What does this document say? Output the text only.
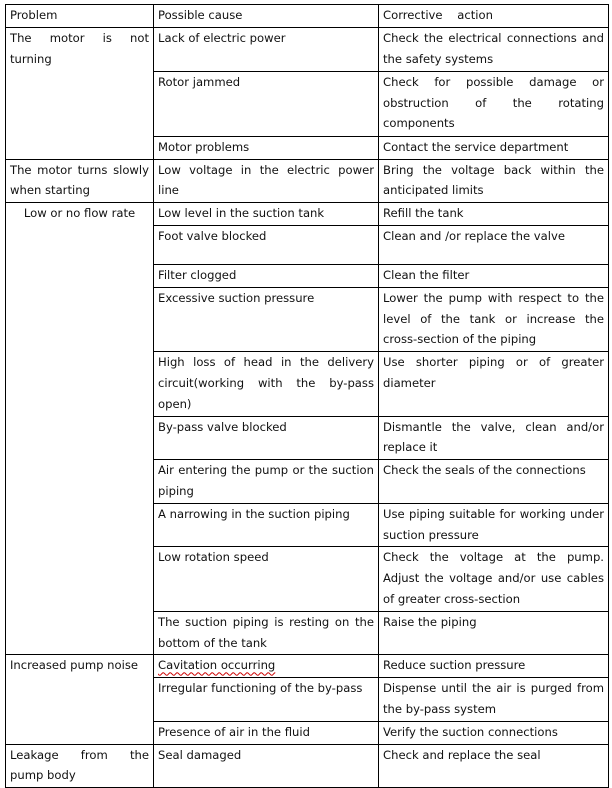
Problem	Possible cause	Corrective    action
The motor is not turning	Lack of electric power	Check the electrical connections and the safety systems
	Rotor jammed	Check for possible damage or obstruction of the rotating components
	Motor problems	Contact the service department
The motor turns slowly when starting	Low voltage in the electric power line	Bring the voltage back within the anticipated limits
Low or no flow rate	Low level in the suction tank	Refill the tank
	Foot valve blocked	Clean and /or replace the valve
	Filter clogged	Clean the filter
	Excessive suction pressure	Lower the pump with respect to the level of the tank or increase the cross-section of the piping
	High loss of head in the delivery circuit(working with the by-pass open)	Use shorter piping or of greater diameter
	By-pass valve blocked	Dismantle the valve, clean and/or replace it
	Air entering the pump or the suction piping	Check the seals of the connections
	A narrowing in the suction piping	Use piping suitable for working under suction pressure
	Low rotation speed	Check the voltage at the pump. Adjust the voltage and/or use cables of greater cross-section
	The suction piping is resting on the bottom of the tank	Raise the piping
Increased pump noise	Cavitation occurring	Reduce suction pressure
	Irregular functioning of the by-pass	Dispense until the air is purged from the by-pass system
	Presence of air in the fluid	Verify the suction connections
Leakage from the pump body	Seal damaged	Check and replace the seal
